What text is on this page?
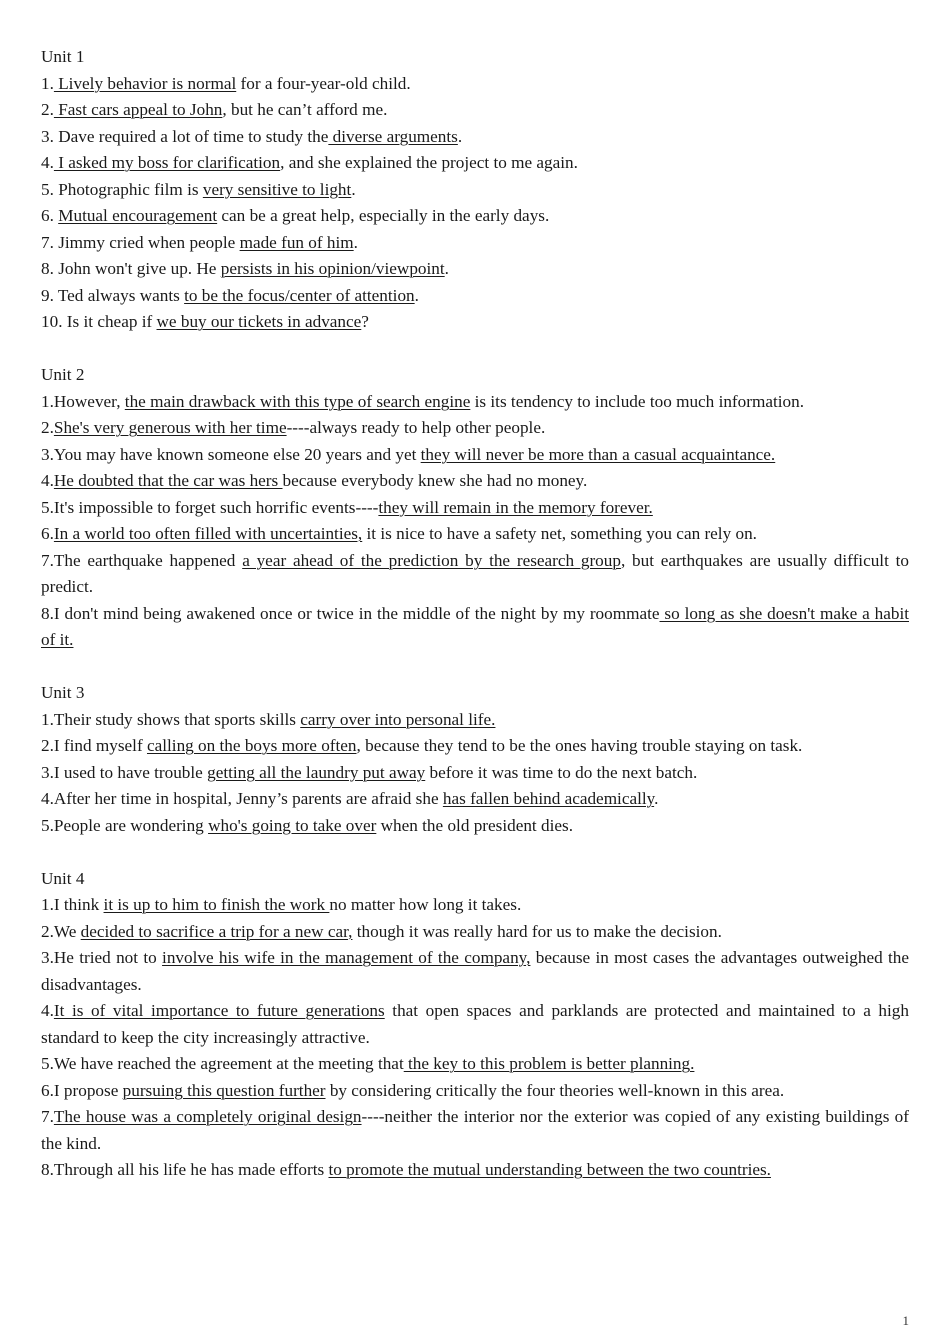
Unit 1
1. Lively behavior is normal for a four-year-old child.
2. Fast cars appeal to John, but he can’t afford me.
3. Dave required a lot of time to study the diverse arguments.
4. I asked my boss for clarification, and she explained the project to me again.
5. Photographic film is very sensitive to light.
6. Mutual encouragement can be a great help, especially in the early days.
7. Jimmy cried when people made fun of him.
8. John won't give up. He persists in his opinion/viewpoint.
9. Ted always wants to be the focus/center of attention.
10. Is it cheap if we buy our tickets in advance?
Unit 2
1.However, the main drawback with this type of search engine is its tendency to include too much information.
2.She's very generous with her time----always ready to help other people.
3.You may have known someone else 20 years and yet they will never be more than a casual acquaintance.
4.He doubted that the car was hers because everybody knew she had no money.
5.It's impossible to forget such horrific events----they will remain in the memory forever.
6.In a world too often filled with uncertainties, it is nice to have a safety net, something you can rely on.
7.The earthquake happened a year ahead of the prediction by the research group, but earthquakes are usually difficult to predict.
8.I don't mind being awakened once or twice in the middle of the night by my roommate so long as she doesn't make a habit of it.
Unit 3
1.Their study shows that sports skills carry over into personal life.
2.I find myself calling on the boys more often, because they tend to be the ones having trouble staying on task.
3.I used to have trouble getting all the laundry put away before it was time to do the next batch.
4.After her time in hospital, Jenny’s parents are afraid she has fallen behind academically.
5.People are wondering who's going to take over when the old president dies.
Unit 4
1.I think it is up to him to finish the work no matter how long it takes.
2.We decided to sacrifice a trip for a new car, though it was really hard for us to make the decision.
3.He tried not to involve his wife in the management of the company, because in most cases the advantages outweighed the disadvantages.
4.It is of vital importance to future generations that open spaces and parklands are protected and maintained to a high standard to keep the city increasingly attractive.
5.We have reached the agreement at the meeting that the key to this problem is better planning.
6.I propose pursuing this question further by considering critically the four theories well-known in this area.
7.The house was a completely original design----neither the interior nor the exterior was copied of any existing buildings of the kind.
8.Through all his life he has made efforts to promote the mutual understanding between the two countries.
1
